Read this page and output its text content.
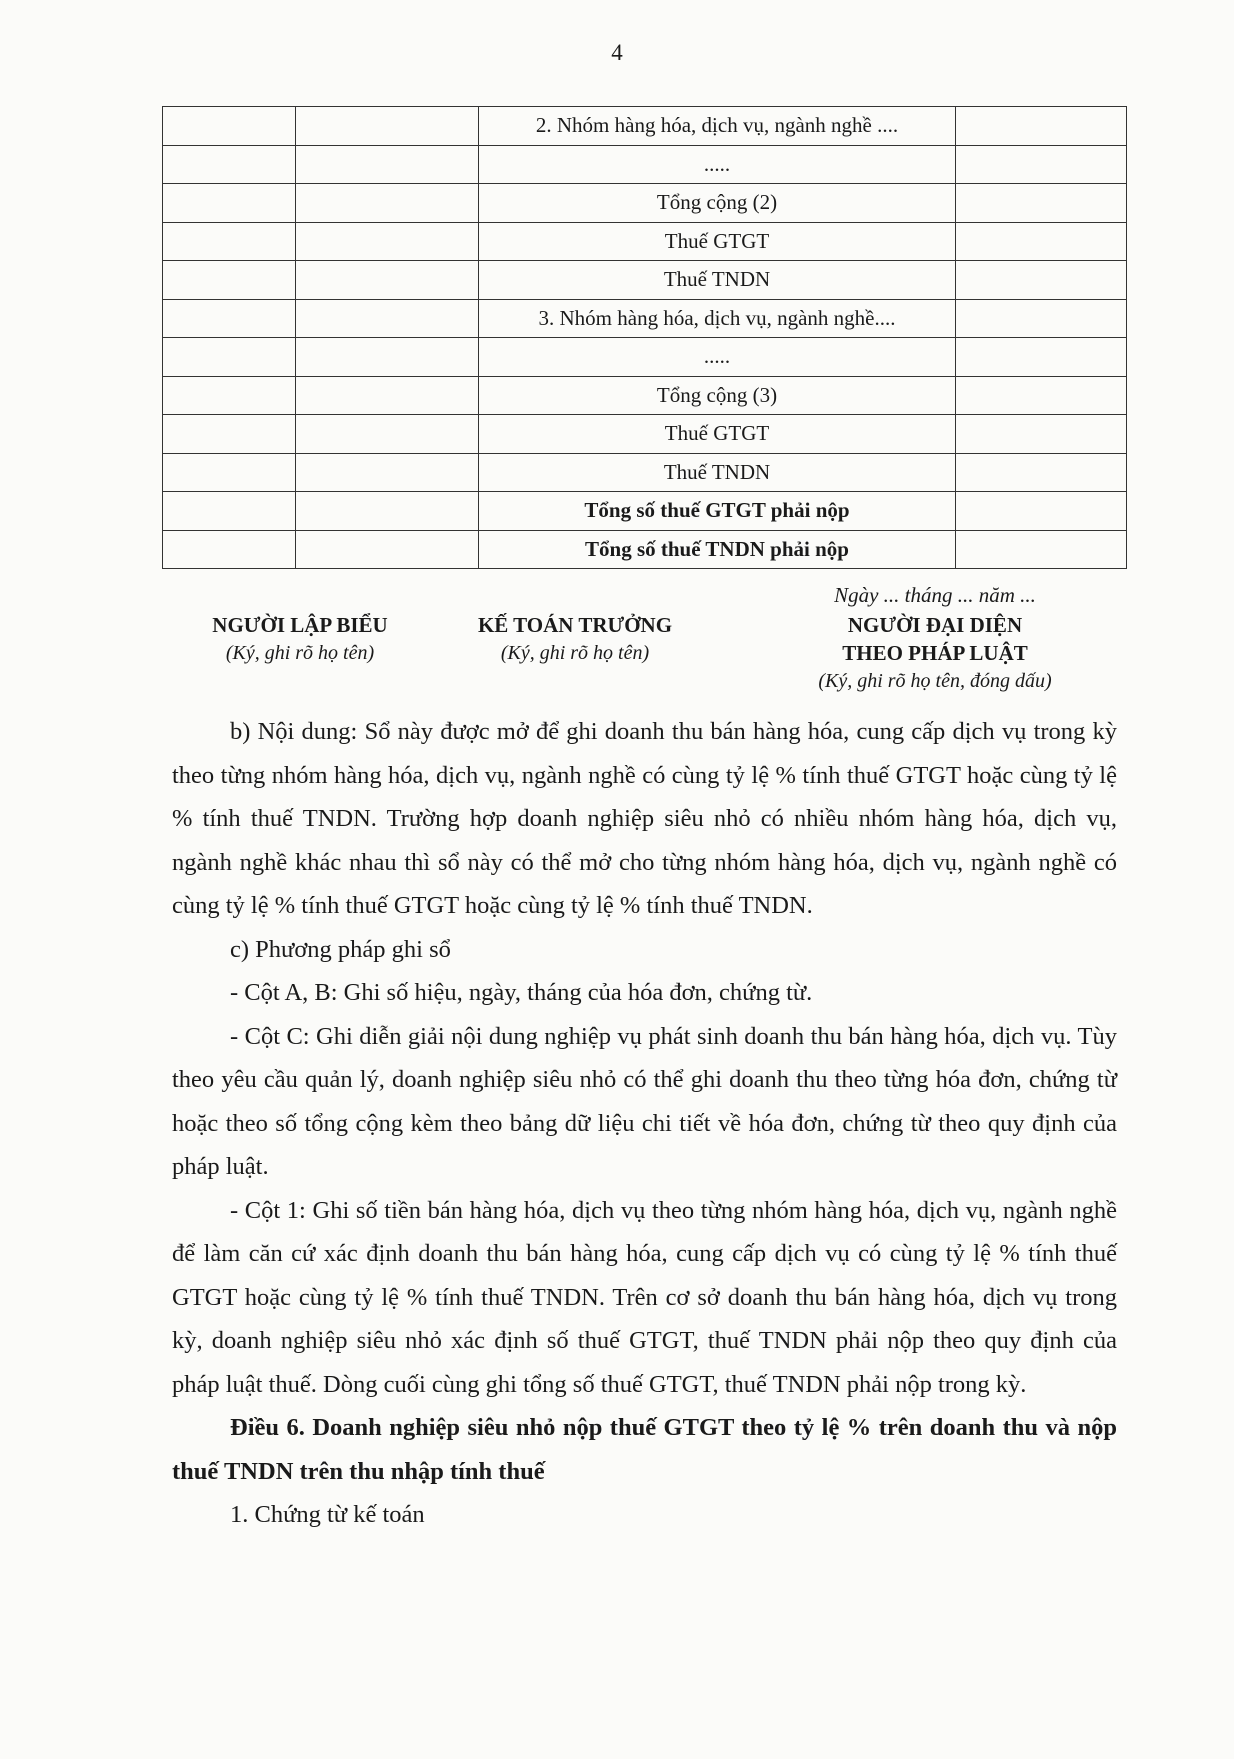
4
		2. Nhóm hàng hóa, dịch vụ, ngành nghề ....	
		.....	
		Tổng cộng (2)	
		Thuế GTGT	
		Thuế TNDN	
		3. Nhóm hàng hóa, dịch vụ, ngành nghề....	
		.....	
		Tổng cộng (3)	
		Thuế GTGT	
		Thuế TNDN	
		Tổng số thuế GTGT phải nộp	
		Tổng số thuế TNDN phải nộp	
Ngày ... tháng ... năm ...
NGƯỜI LẬP BIỂU
(Ký, ghi rõ họ tên)
KẾ TOÁN TRƯỞNG
(Ký, ghi rõ họ tên)
NGƯỜI ĐẠI DIỆN
THEO PHÁP LUẬT
(Ký, ghi rõ họ tên, đóng dấu)

b) Nội dung: Sổ này được mở để ghi doanh thu bán hàng hóa, cung cấp dịch vụ trong kỳ theo từng nhóm hàng hóa, dịch vụ, ngành nghề có cùng tỷ lệ % tính thuế GTGT hoặc cùng tỷ lệ % tính thuế TNDN. Trường hợp doanh nghiệp siêu nhỏ có nhiều nhóm hàng hóa, dịch vụ, ngành nghề khác nhau thì sổ này có thể mở cho từng nhóm hàng hóa, dịch vụ, ngành nghề có cùng tỷ lệ % tính thuế GTGT hoặc cùng tỷ lệ % tính thuế TNDN.

c) Phương pháp ghi sổ

- Cột A, B: Ghi số hiệu, ngày, tháng của hóa đơn, chứng từ.

- Cột C: Ghi diễn giải nội dung nghiệp vụ phát sinh doanh thu bán hàng hóa, dịch vụ. Tùy theo yêu cầu quản lý, doanh nghiệp siêu nhỏ có thể ghi doanh thu theo từng hóa đơn, chứng từ hoặc theo số tổng cộng kèm theo bảng dữ liệu chi tiết về hóa đơn, chứng từ theo quy định của pháp luật.

- Cột 1: Ghi số tiền bán hàng hóa, dịch vụ theo từng nhóm hàng hóa, dịch vụ, ngành nghề để làm căn cứ xác định doanh thu bán hàng hóa, cung cấp dịch vụ có cùng tỷ lệ % tính thuế GTGT hoặc cùng tỷ lệ % tính thuế TNDN. Trên cơ sở doanh thu bán hàng hóa, dịch vụ trong kỳ, doanh nghiệp siêu nhỏ xác định số thuế GTGT, thuế TNDN phải nộp theo quy định của pháp luật thuế. Dòng cuối cùng ghi tổng số thuế GTGT, thuế TNDN phải nộp trong kỳ.

Điều 6. Doanh nghiệp siêu nhỏ nộp thuế GTGT theo tỷ lệ % trên doanh thu và nộp thuế TNDN trên thu nhập tính thuế

1. Chứng từ kế toán
